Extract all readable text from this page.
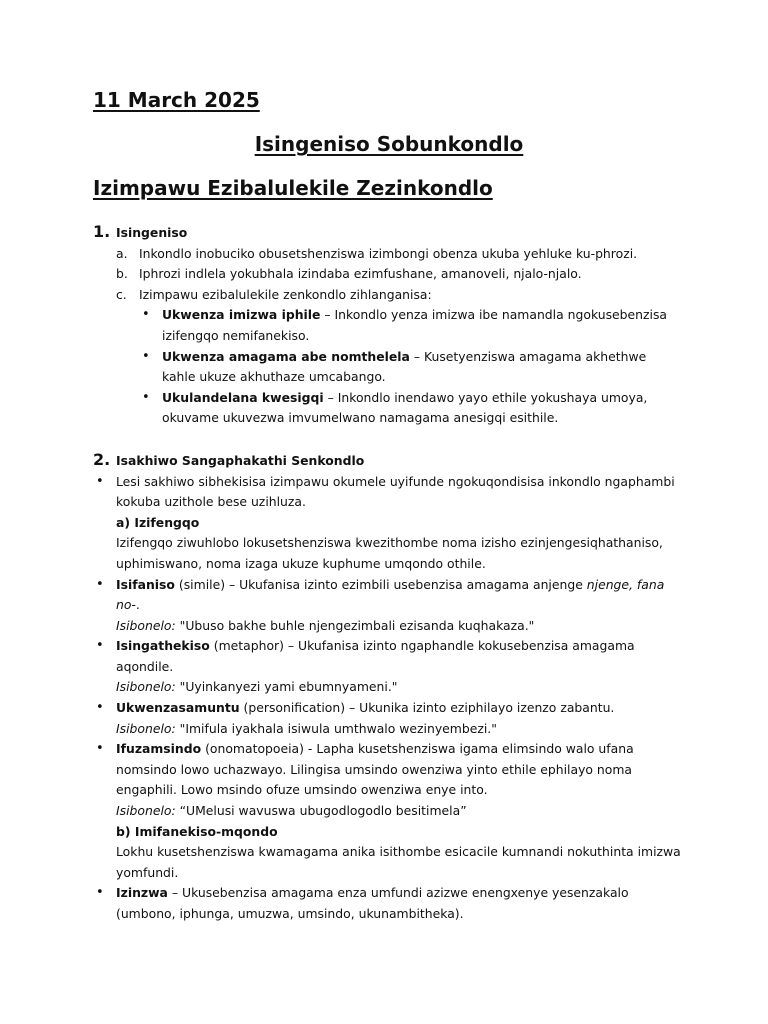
11 March 2025
Isingeniso Sobunkondlo
Izimpawu Ezibalulekile Zezinkondlo
1. Isingeniso
a. Inkondlo inobuciko obusetshenziswa izimbongi obenza ukuba yehluke ku-phrozi.
b. Iphrozi indlela yokubhala izindaba ezimfushane, amanoveli, njalo-njalo.
c. Izimpawu ezibalulekile zenkondlo zihlanganisa:
• Ukwenza imizwa iphile – Inkondlo yenza imizwa ibe namandla ngokusebenzisa izifengqo nemifanekiso.
• Ukwenza amagama abe nomthelela – Kusetyenziswa amagama akhethwe kahle ukuze akhuthaze umcabango.
• Ukulandelana kwesigqi – Inkondlo inendawo yayo ethile yokushaya umoya, okuvame ukuvezwa imvumelwano namagama anesigqi esithile.
2. Isakhiwo Sangaphakathi Senkondlo
• Lesi sakhiwo sibhekisisa izimpawu okumele uyifunde ngokuqondisisa inkondlo ngaphambi kokuba uzithole bese uzihluza.
a) Izifengqo
Izifengqo ziwuhlobo lokusetshenziswa kwezithombe noma izisho ezinjengesiqhathaniso, uphimiswano, noma izaga ukuze kuphume umqondo othile.
• Isifaniso (simile) – Ukufanisa izinto ezimbili usebenzisa amagama anjenge njenge, fana no-.
Isibonelo: "Ubuso bakhe buhle njengezimbali ezisanda kuqhakaza."
• Isingathekiso (metaphor) – Ukufanisa izinto ngaphandle kokusebenzisa amagama aqondile.
Isibonelo: "Uyinkanyezi yami ebumnyameni."
• Ukwenzasamuntu (personification) – Ukunika izinto eziphilayo izenzo zabantu.
Isibonelo: "Imifula iyakhala isiwula umthwalo wezinyembezi."
• Ifuzamsindo (onomatopoeia) - Lapha kusetshenziswa igama elimsindo walo ufana nomsindo lowo uchazwayo. Lilingisa umsindo owenziwa yinto ethile ephilayo noma engaphili. Lowo msindo ofuze umsindo owenziwa enye into.
Isibonelo: “UMelusi wavuswa ubugodlogodlo besitimela”
b) Imifanekiso-mqondo
Lokhu kusetshenziswa kwamagama anika isithombe esicacile kumnandi nokuthinta imizwa yomfundi.
• Izinzwa – Ukusebenzisa amagama enza umfundi azizwe enengxenye yesenzakalo (umbono, iphunga, umuzwa, umsindo, ukunambitheka).
